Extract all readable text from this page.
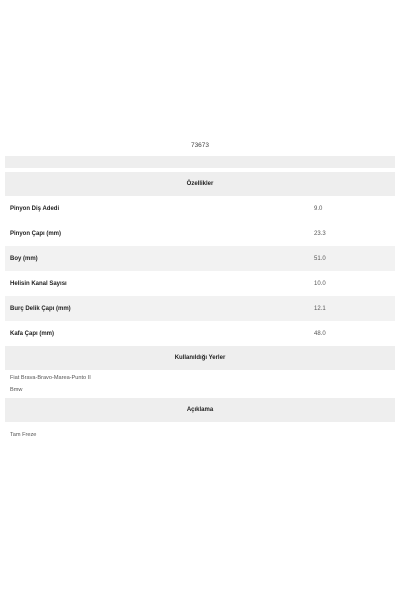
73673
Özellikler
Pinyon Diş Adedi	9.0
Pinyon Çapı (mm)	23.3
Boy (mm)	51.0
Helisin Kanal Sayısı	10.0
Burç Delik Çapı (mm)	12.1
Kafa Çapı (mm)	48.0
Kullanıldığı Yerler
Fiat Brava-Bravo-Marea-Punto II
Bmw
Açıklama
Tam Frezе
